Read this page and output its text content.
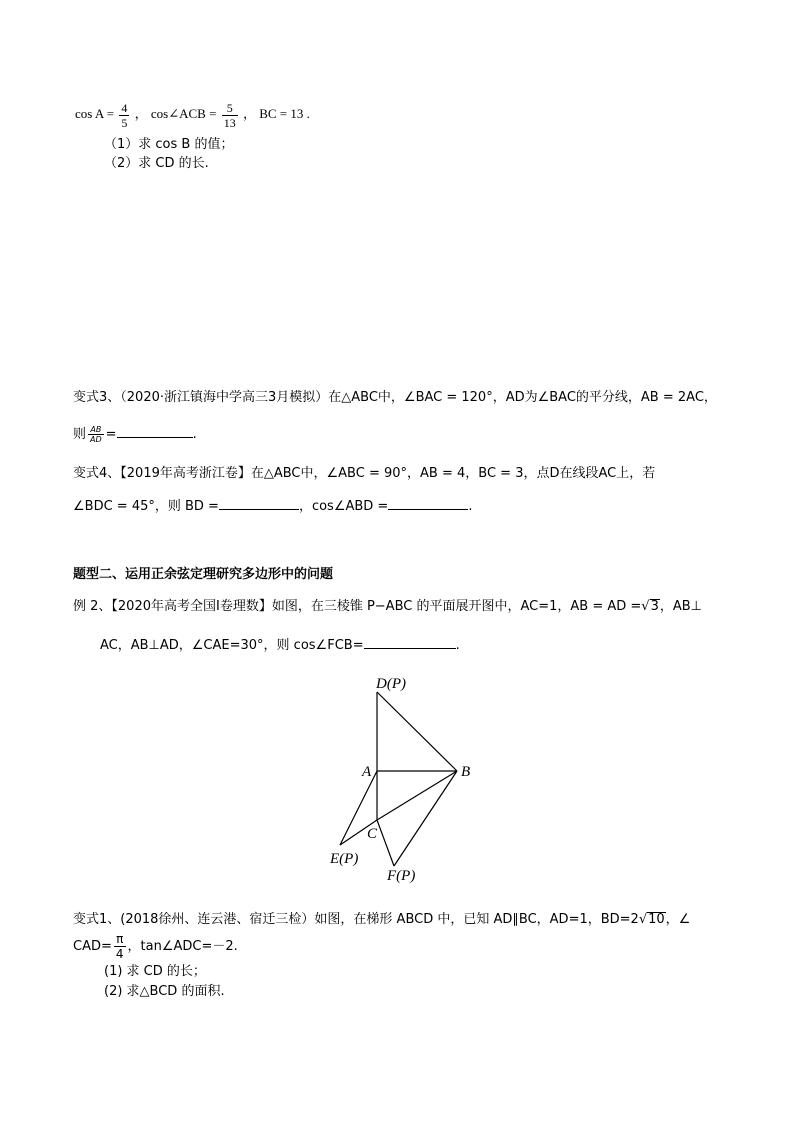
$\cos A = \frac{4}{5}$ ， cos∠ACB = $\frac{5}{13}$ ， BC = 13 .
（1）求 cos B 的值；
（2）求 CD 的长.
变式3、（2020·浙江镇海中学高三3月模拟）在△ABC中，∠BAC = 120°，AD为∠BAC的平分线，AB = 2AC，
则 $\frac{AB}{AD}$ =	.
变式4、【2019年高考浙江卷】在△ABC中，∠ABC = 90°，AB = 4，BC = 3，点D在线段AC上，若
∠BDC = 45°，则 BD =	，cos∠ABD =	.
题型二、运用正余弦定理研究多边形中的问题
例 2、【2020年高考全国Ⅰ卷理数】如图，在三棱锥 P−ABC 的平面展开图中，AC=1，AB = AD =√3，AB⊥
AC，AB⊥AD，∠CAE=30°，则 cos∠FCB=	.
D(P)
A	B
C
E(P)
F(P)
变式1、(2018徐州、连云港、宿迁三检）如图，在梯形 ABCD 中，已知 AD∥BC，AD=1，BD=2√10，∠
$CAD= \frac{\pi}{4}$ ，tan∠ADC=－2.
(1) 求 CD 的长；
(2) 求△BCD 的面积.
